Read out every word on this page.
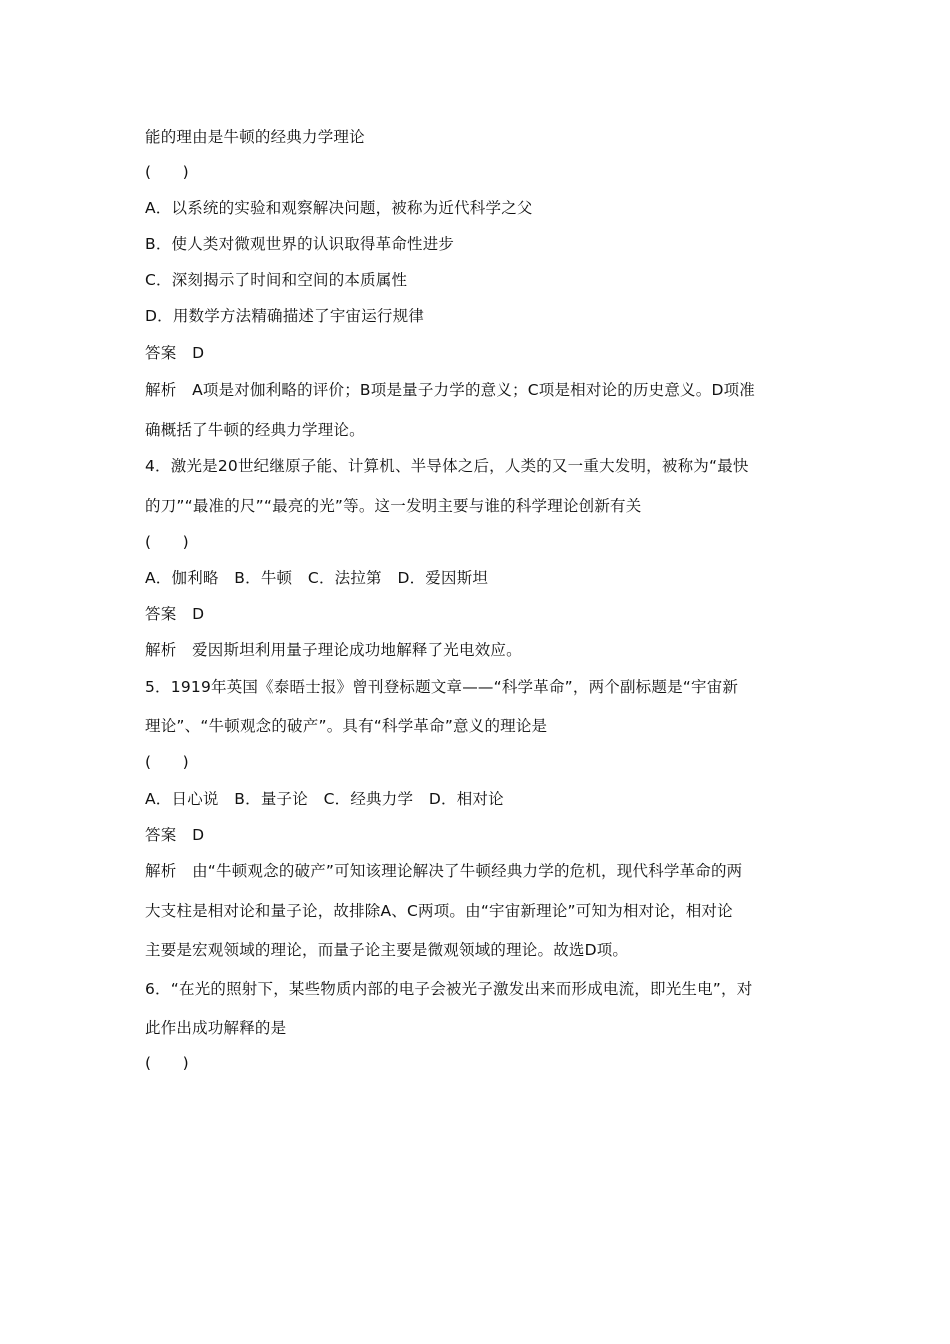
能的理由是牛顿的经典力学理论
(　　)
A．以系统的实验和观察解决问题，被称为近代科学之父
B．使人类对微观世界的认识取得革命性进步
C．深刻揭示了时间和空间的本质属性
D．用数学方法精确描述了宇宙运行规律
答案　D
解析　A项是对伽利略的评价；B项是量子力学的意义；C项是相对论的历史意义。D项准
确概括了牛顿的经典力学理论。
4．激光是20世纪继原子能、计算机、半导体之后，人类的又一重大发明，被称为“最快
的刀”“最准的尺”“最亮的光”等。这一发明主要与谁的科学理论创新有关
(　　)
A．伽利略　B．牛顿　C．法拉第　D．爱因斯坦
答案　D
解析　爱因斯坦利用量子理论成功地解释了光电效应。
5．1919年英国《泰晤士报》曾刊登标题文章——“科学革命”，两个副标题是“宇宙新
理论”、“牛顿观念的破产”。具有“科学革命”意义的理论是
(　　)
A．日心说　B．量子论　C．经典力学　D．相对论
答案　D
解析　由“牛顿观念的破产”可知该理论解决了牛顿经典力学的危机，现代科学革命的两
大支柱是相对论和量子论，故排除A、C两项。由“宇宙新理论”可知为相对论，相对论
主要是宏观领域的理论，而量子论主要是微观领域的理论。故选D项。
6．“在光的照射下，某些物质内部的电子会被光子激发出来而形成电流，即光生电”，对
此作出成功解释的是
(　　)
